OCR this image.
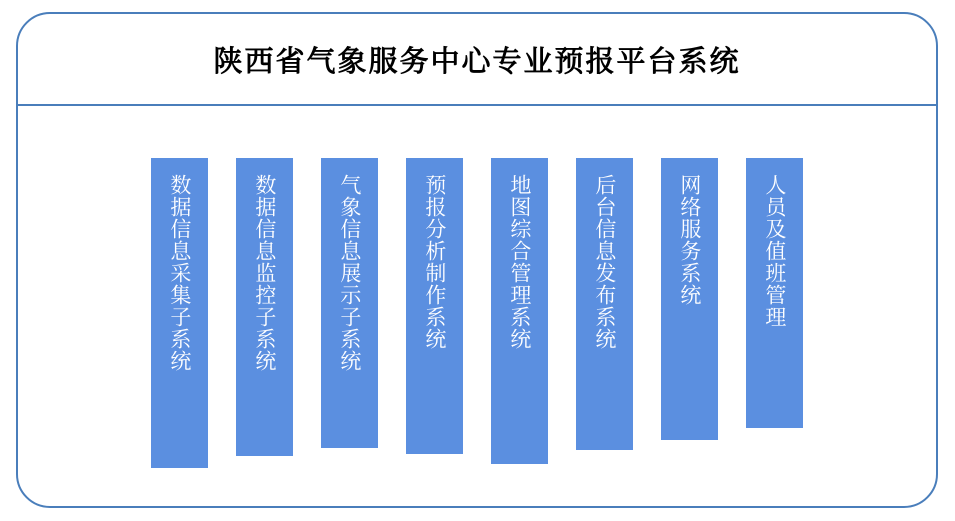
陕西省气象服务中心专业预报平台系统
数据信息采集子系统	数据信息监控子系统	气象信息展示子系统	预报分析制作系统	地图综合管理系统	后台信息发布系统	网络服务系统	人员及值班管理
